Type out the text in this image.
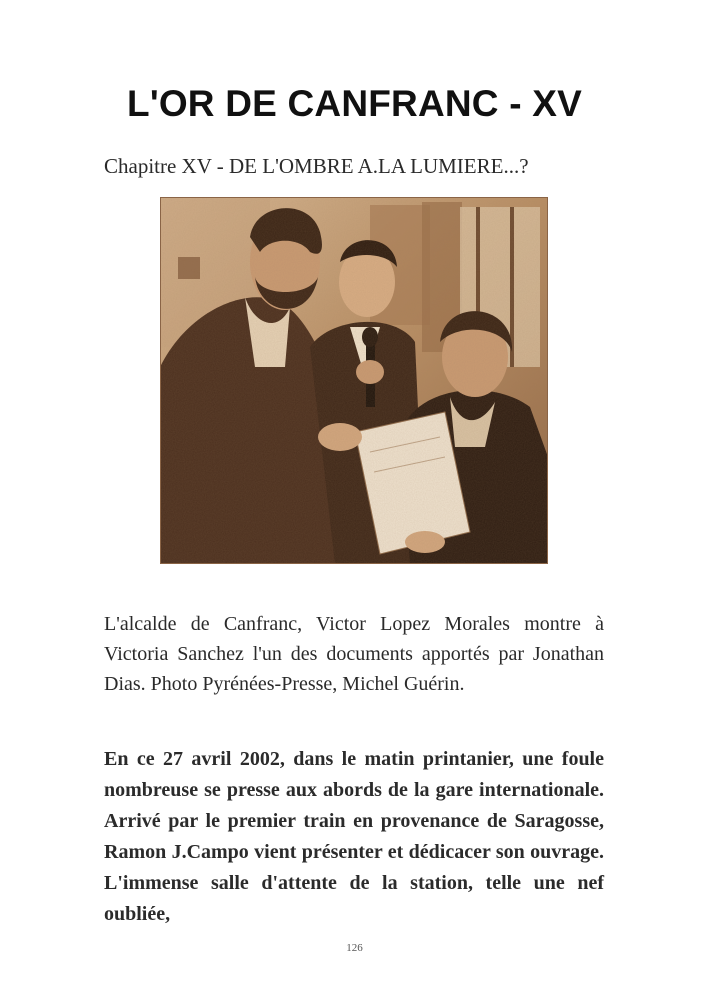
L'OR DE CANFRANC - XV

Chapitre XV - DE L'OMBRE A.LA LUMIERE...?

L'alcalde de Canfranc, Victor Lopez Morales montre à Victoria Sanchez l'un des documents apportés par Jonathan Dias. Photo Pyrénées-Presse, Michel Guérin.

En ce 27 avril 2002, dans le matin printanier, une foule nombreuse se presse aux abords de la gare internationale. Arrivé par le premier train en provenance de Saragosse, Ramon J.Campo vient présenter et dédicacer son ouvrage. L'immense salle d'attente de la station, telle une nef oubliée,

126
